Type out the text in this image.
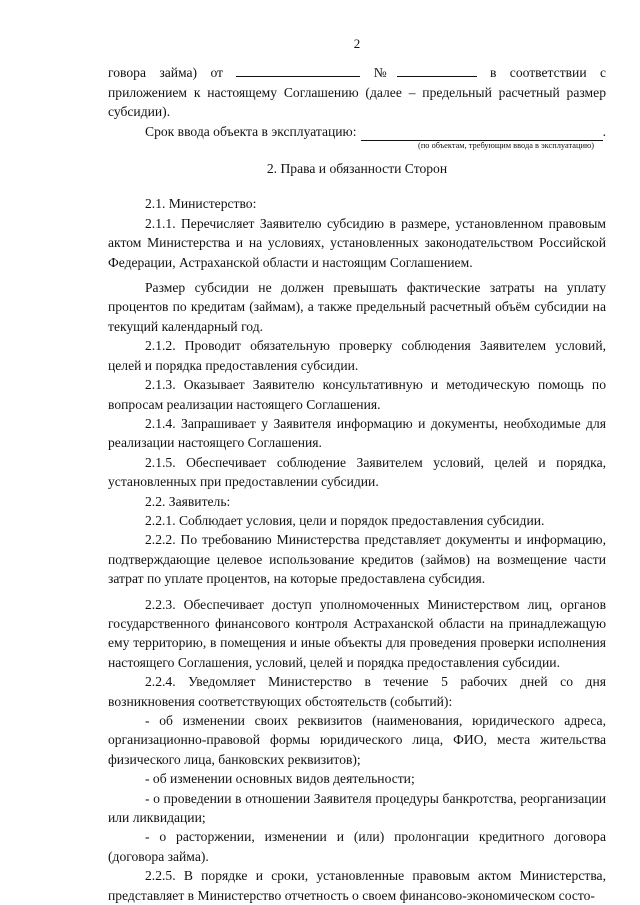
2

говора займа) от	№	в соответствии с приложением к настоящему Соглашению (далее – предельный расчетный размер субсидии).

Срок ввода объекта в эксплуатацию:	.
(по объектам, требующим ввода в эксплуатацию)
2. Права и обязанности Сторон

2.1. Министерство:

2.1.1. Перечисляет Заявителю субсидию в размере, установленном правовым актом Министерства и на условиях, установленных законодательством Российской Федерации, Астраханской области и настоящим Соглашением.

Размер субсидии не должен превышать фактические затраты на уплату процентов по кредитам (займам), а также предельный расчетный объём субсидии на текущий календарный год.

2.1.2. Проводит обязательную проверку соблюдения Заявителем условий, целей и порядка предоставления субсидии.

2.1.3. Оказывает Заявителю консультативную и методическую помощь по вопросам реализации настоящего Соглашения.

2.1.4. Запрашивает у Заявителя информацию и документы, необходимые для реализации настоящего Соглашения.

2.1.5. Обеспечивает соблюдение Заявителем условий, целей и порядка, установленных при предоставлении субсидии.

2.2. Заявитель:

2.2.1. Соблюдает условия, цели и порядок предоставления субсидии.

2.2.2. По требованию Министерства представляет документы и информацию, подтверждающие целевое использование кредитов (займов) на возмещение части затрат по уплате процентов, на которые предоставлена субсидия.

2.2.3. Обеспечивает доступ уполномоченных Министерством лиц, органов государственного финансового контроля Астраханской области на принадлежащую ему территорию, в помещения и иные объекты для проведения проверки исполнения настоящего Соглашения, условий, целей и порядка предоставления субсидии.

2.2.4. Уведомляет Министерство в течение 5 рабочих дней со дня возникновения соответствующих обстоятельств (событий):

- об изменении своих реквизитов (наименования, юридического адреса, организационно-правовой формы юридического лица, ФИО, места жительства физического лица, банковских реквизитов);

- об изменении основных видов деятельности;

- о проведении в отношении Заявителя процедуры банкротства, реорганизации или ликвидации;

- о расторжении, изменении и (или) пролонгации кредитного договора (договора займа).

2.2.5. В порядке и сроки, установленные правовым актом Министерства, представляет в Министерство отчетность о своем финансово-экономическом состо-
